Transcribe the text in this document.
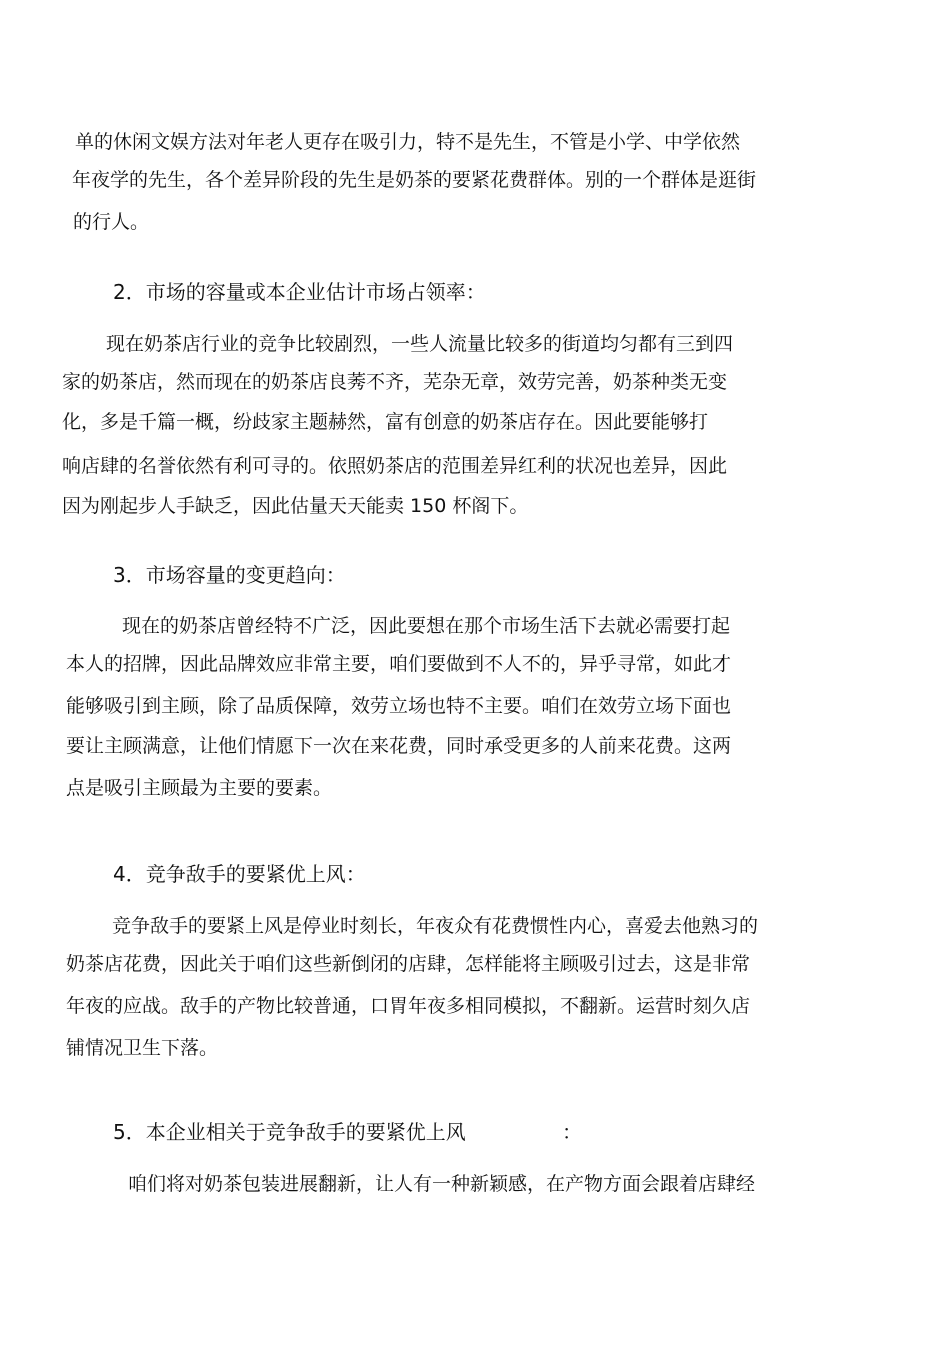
单的休闲文娱方法对年老人更存在吸引力，特不是先生，不管是小学、中学依然
年夜学的先生，各个差异阶段的先生是奶茶的要紧花费群体。别的一个群体是逛街
的行人。
2．市场的容量或本企业估计市场占领率：
现在奶茶店行业的竞争比较剧烈，一些人流量比较多的街道均匀都有三到四
家的奶茶店，然而现在的奶茶店良莠不齐，芜杂无章，效劳完善，奶茶种类无变
化，多是千篇一概，纷歧家主题赫然，富有创意的奶茶店存在。因此要能够打
响店肆的名誉依然有利可寻的。依照奶茶店的范围差异红利的状况也差异，因此
因为刚起步人手缺乏，因此估量天天能卖 150 杯阁下。
3．市场容量的变更趋向：
现在的奶茶店曾经特不广泛，因此要想在那个市场生活下去就必需要打起
本人的招牌，因此品牌效应非常主要，咱们要做到不人不的，异乎寻常，如此才
能够吸引到主顾，除了品质保障，效劳立场也特不主要。咱们在效劳立场下面也
要让主顾满意，让他们情愿下一次在来花费，同时承受更多的人前来花费。这两
点是吸引主顾最为主要的要素。
4．竞争敌手的要紧优上风：
竞争敌手的要紧上风是停业时刻长，年夜众有花费惯性内心，喜爱去他熟习的
奶茶店花费，因此关于咱们这些新倒闭的店肆，怎样能将主顾吸引过去，这是非常
年夜的应战。敌手的产物比较普通，口胃年夜多相同模拟，不翻新。运营时刻久店
铺情况卫生下落。
5．本企业相关于竞争敌手的要紧优上风	：
咱们将对奶茶包装进展翻新，让人有一种新颖感，在产物方面会跟着店肆经
